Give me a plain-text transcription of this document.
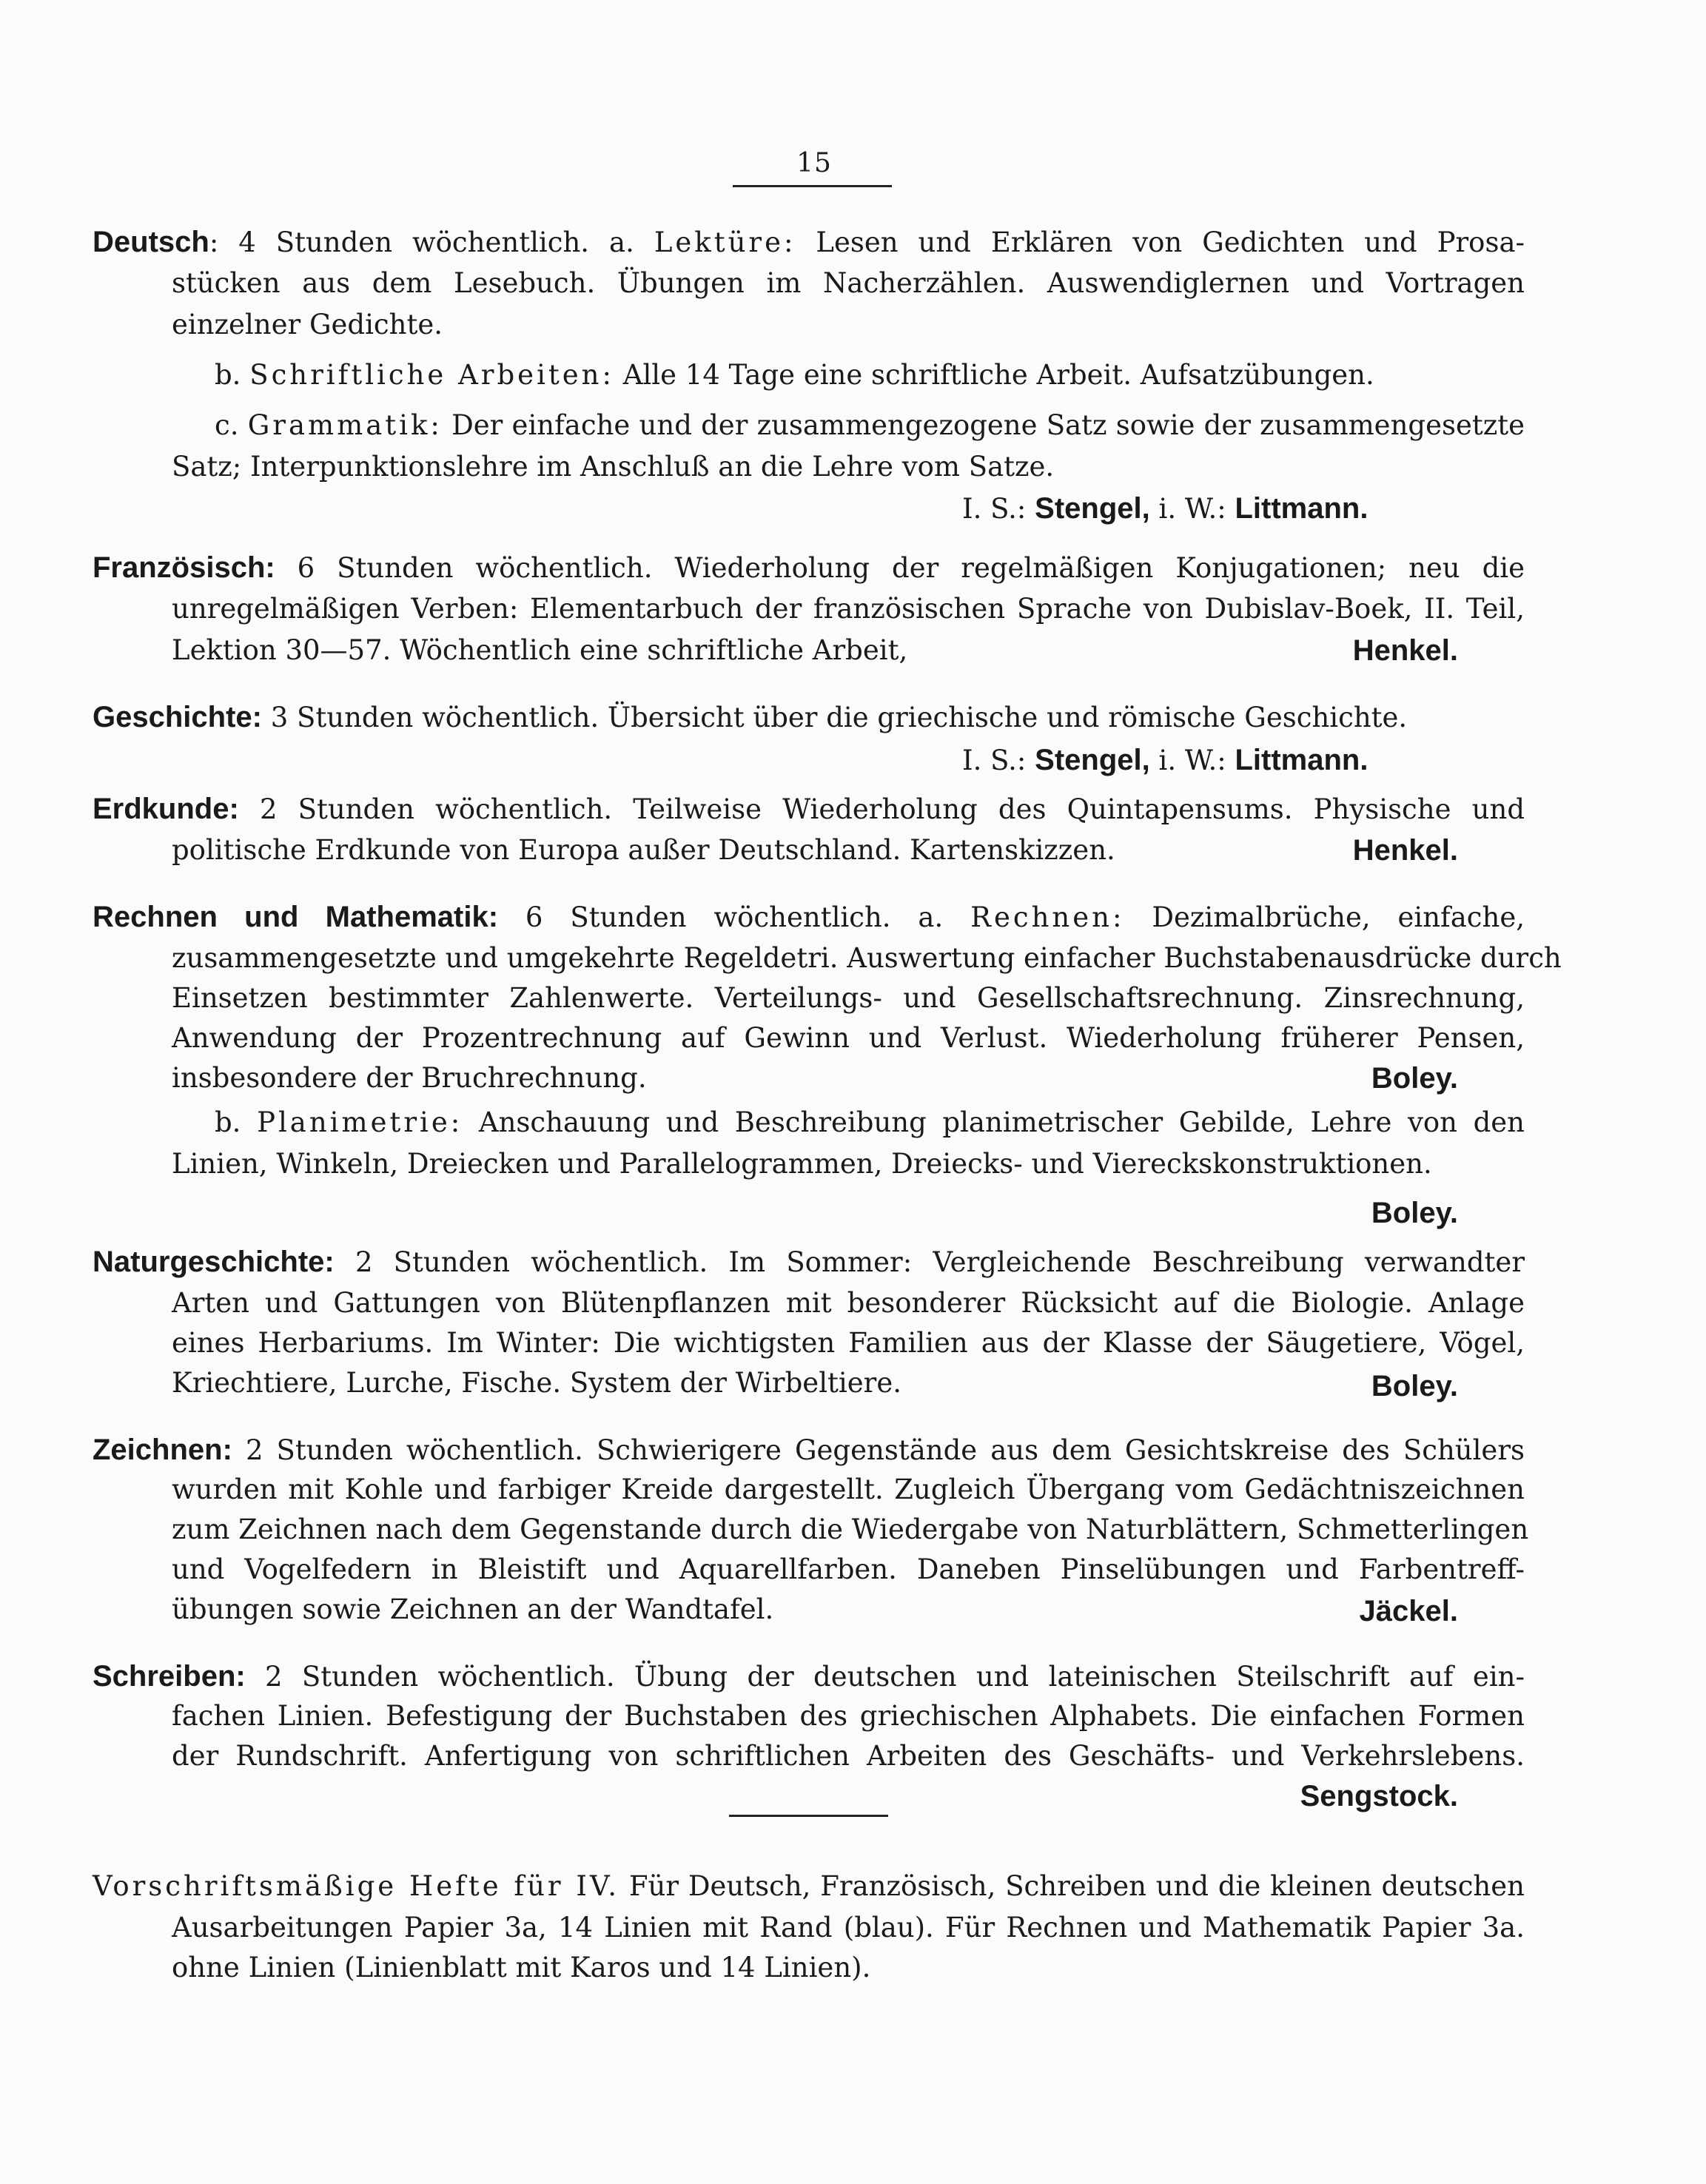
15
Deutsch: 4 Stunden wöchentlich. a. Lektüre: Lesen und Erklären von Gedichten und Prosa-
stücken aus dem Lesebuch. Übungen im Nacherzählen. Auswendiglernen und Vortragen
einzelner Gedichte.
b. Schriftliche Arbeiten: Alle 14 Tage eine schriftliche Arbeit. Aufsatzübungen.
c. Grammatik: Der einfache und der zusammengezogene Satz sowie der zusammengesetzte
Satz; Interpunktionslehre im Anschluß an die Lehre vom Satze.
I. S.: Stengel, i. W.: Littmann.
Französisch: 6 Stunden wöchentlich. Wiederholung der regelmäßigen Konjugationen; neu die
unregelmäßigen Verben: Elementarbuch der französischen Sprache von Dubislav-Boek, II. Teil,
Lektion 30—57. Wöchentlich eine schriftliche Arbeit,	Henkel.
Geschichte: 3 Stunden wöchentlich. Übersicht über die griechische und römische Geschichte.
I. S.: Stengel, i. W.: Littmann.
Erdkunde: 2 Stunden wöchentlich. Teilweise Wiederholung des Quintapensums. Physische und
politische Erdkunde von Europa außer Deutschland. Kartenskizzen.	Henkel.
Rechnen und Mathematik: 6 Stunden wöchentlich. a. Rechnen: Dezimalbrüche, einfache,
zusammengesetzte und umgekehrte Regeldetri. Auswertung einfacher Buchstabenausdrücke durch
Einsetzen bestimmter Zahlenwerte. Verteilungs- und Gesellschaftsrechnung. Zinsrechnung,
Anwendung der Prozentrechnung auf Gewinn und Verlust. Wiederholung früherer Pensen,
insbesondere der Bruchrechnung.	Boley.
b. Planimetrie: Anschauung und Beschreibung planimetrischer Gebilde, Lehre von den
Linien, Winkeln, Dreiecken und Parallelogrammen, Dreiecks- und Viereckskonstruktionen.
Boley.
Naturgeschichte: 2 Stunden wöchentlich. Im Sommer: Vergleichende Beschreibung verwandter
Arten und Gattungen von Blütenpflanzen mit besonderer Rücksicht auf die Biologie. Anlage
eines Herbariums. Im Winter: Die wichtigsten Familien aus der Klasse der Säugetiere, Vögel,
Kriechtiere, Lurche, Fische. System der Wirbeltiere.	Boley.
Zeichnen: 2 Stunden wöchentlich. Schwierigere Gegenstände aus dem Gesichtskreise des Schülers
wurden mit Kohle und farbiger Kreide dargestellt. Zugleich Übergang vom Gedächtniszeichnen
zum Zeichnen nach dem Gegenstande durch die Wiedergabe von Naturblättern, Schmetterlingen
und Vogelfedern in Bleistift und Aquarellfarben. Daneben Pinselübungen und Farbentreff-
übungen sowie Zeichnen an der Wandtafel.	Jäckel.
Schreiben: 2 Stunden wöchentlich. Übung der deutschen und lateinischen Steilschrift auf ein-
fachen Linien. Befestigung der Buchstaben des griechischen Alphabets. Die einfachen Formen
der Rundschrift. Anfertigung von schriftlichen Arbeiten des Geschäfts- und Verkehrslebens.
Sengstock.
Vorschriftsmäßige Hefte für IV. Für Deutsch, Französisch, Schreiben und die kleinen deutschen
Ausarbeitungen Papier 3a, 14 Linien mit Rand (blau). Für Rechnen und Mathematik Papier 3a.
ohne Linien (Linienblatt mit Karos und 14 Linien).
